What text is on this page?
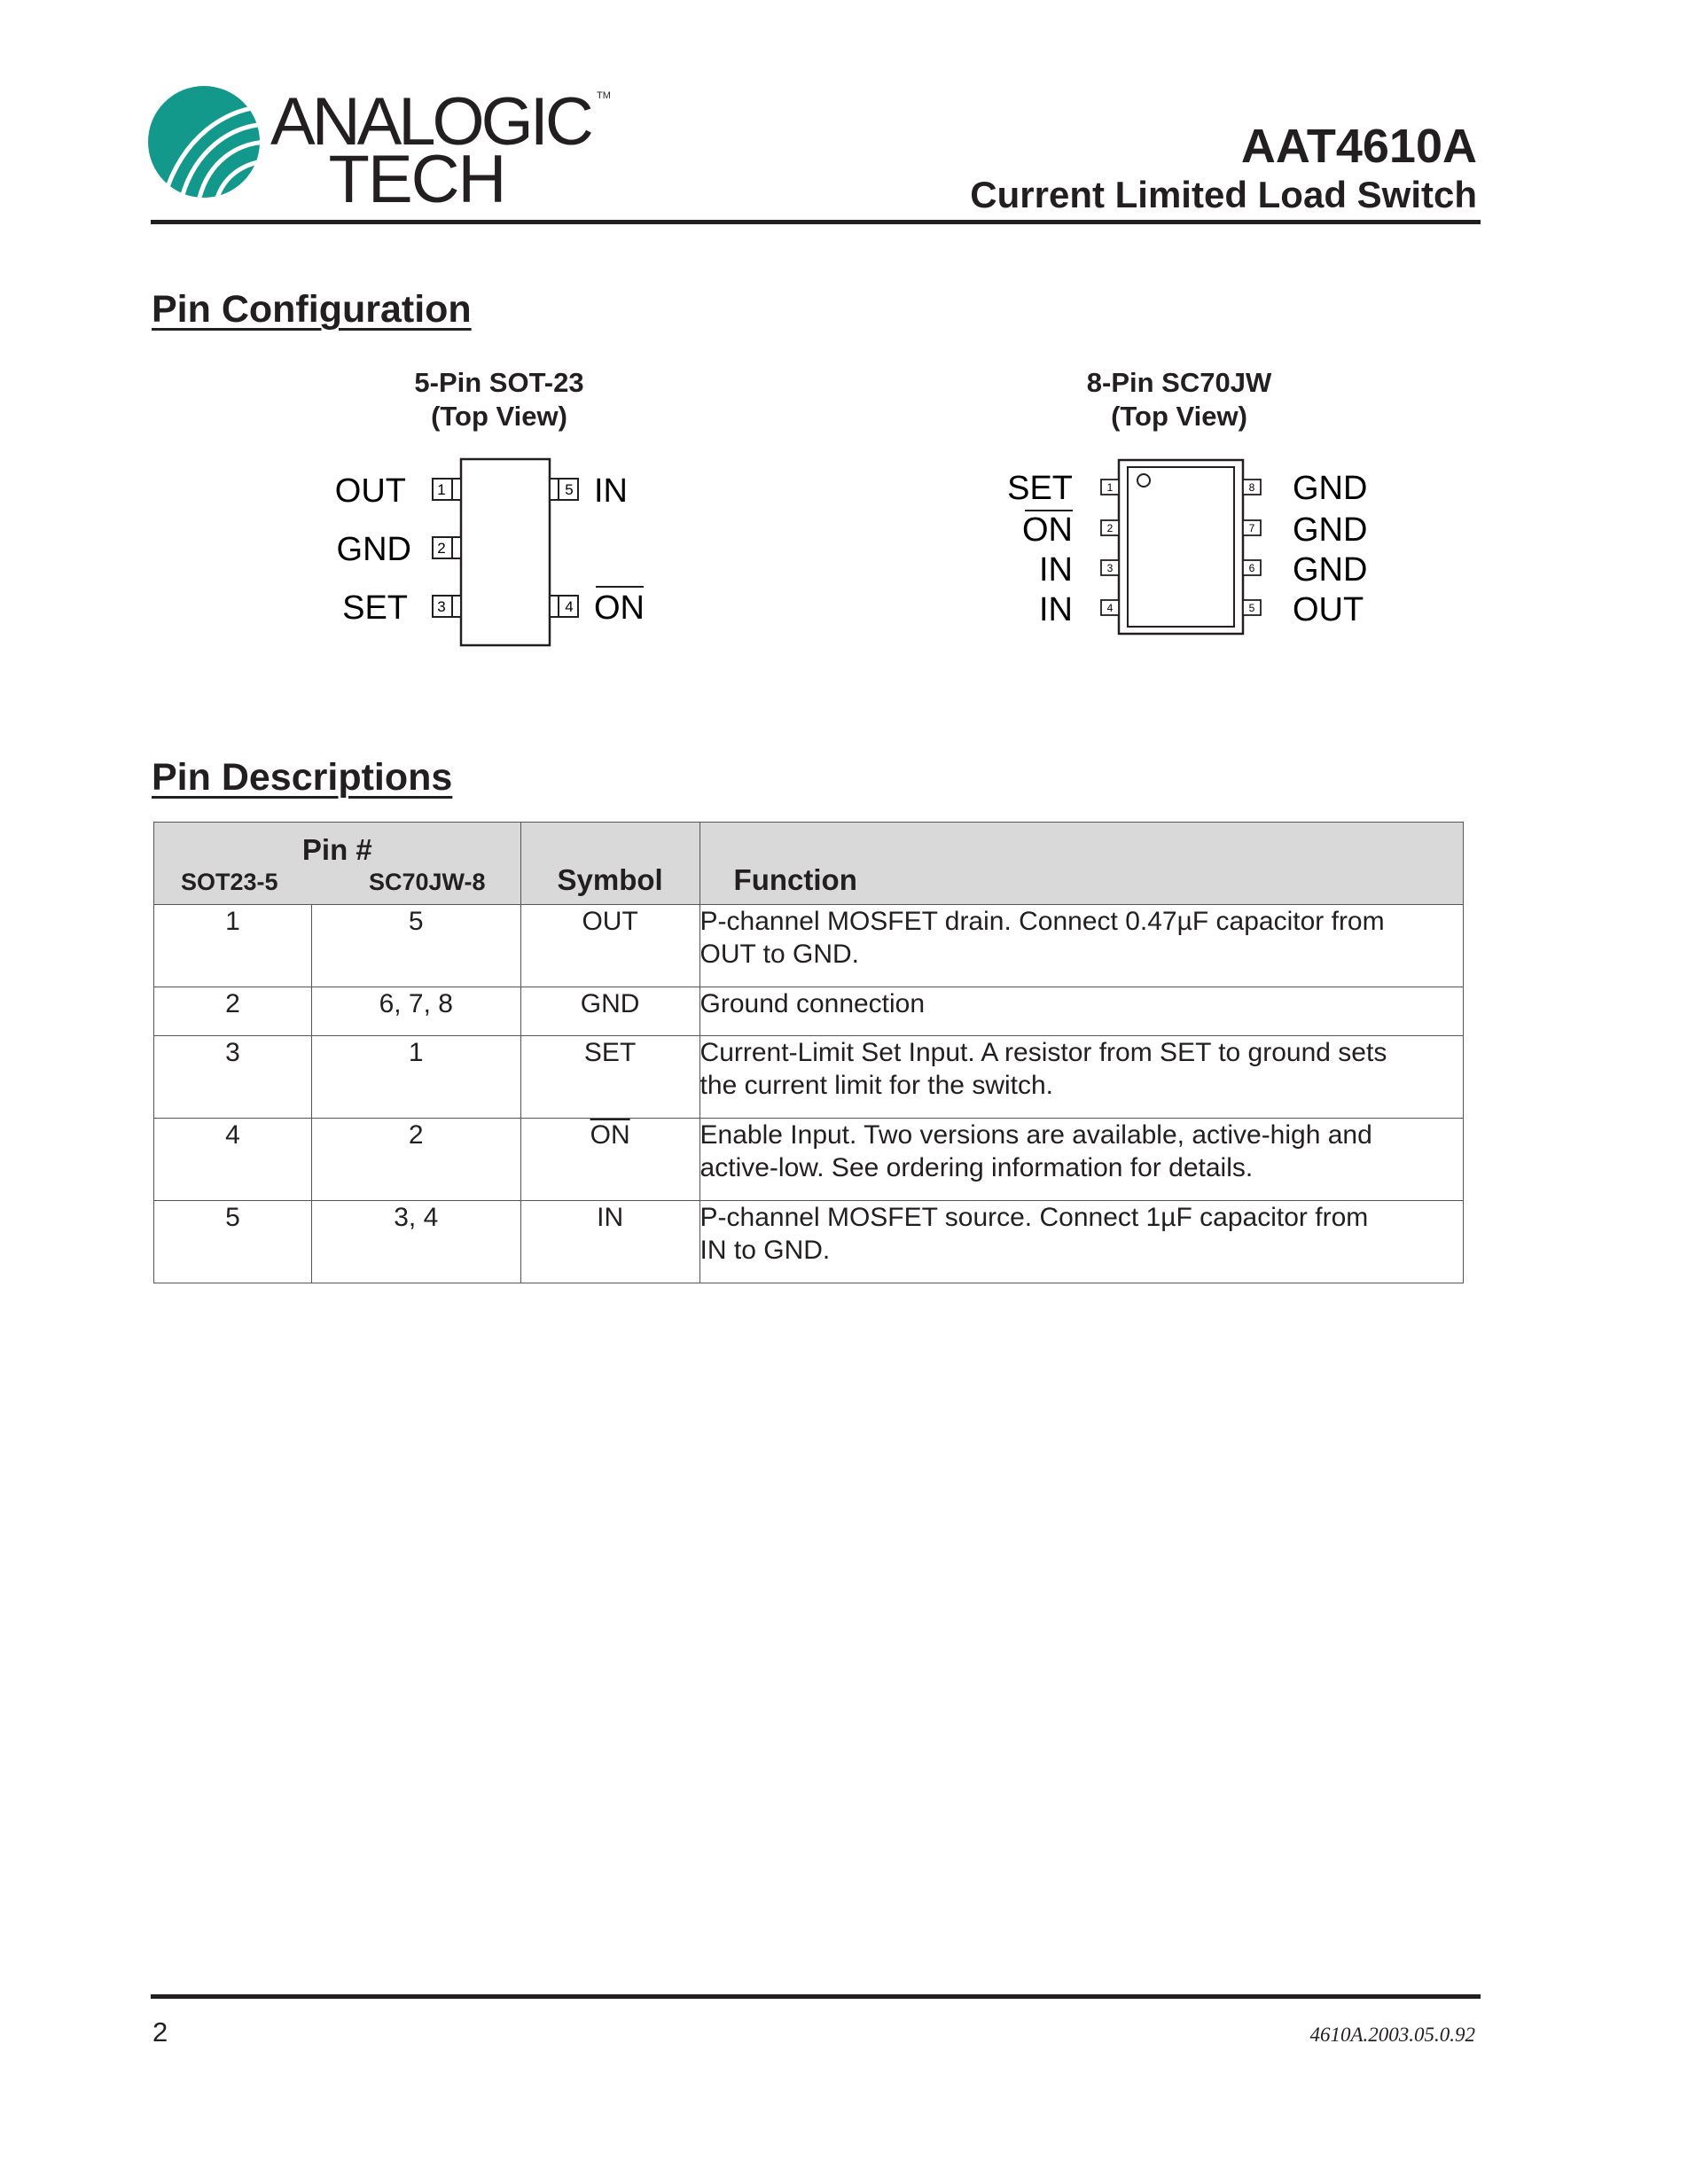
ANALOGIC
TECH
TM
AAT4610A
Current Limited Load Switch
Pin Configuration
5-Pin SOT-23
(Top View)
1
2
3
5
4
OUT
GND
SET
IN
ON
8-Pin SC70JW
(Top View)
1
2
3
4
8
7
6
5
SET
ON
IN
IN
GND
GND
GND
OUT
Pin Descriptions
Pin #
SOT23-5 SC70JW-8		Symbol	Function

1	5	OUT	P-channel MOSFET drain. Connect 0.47µF capacitor from
OUT to GND.

2	6, 7, 8	GND	Ground connection

3	1	SET	Current-Limit Set Input. A resistor from SET to ground sets
the current limit for the switch.

4	2	$\overline{ON}$	Enable Input. Two versions are available, active-high and
active-low. See ordering information for details.

5	3, 4	IN	P-channel MOSFET source. Connect 1µF capacitor from
IN to GND.
2	4610A.2003.05.0.92
